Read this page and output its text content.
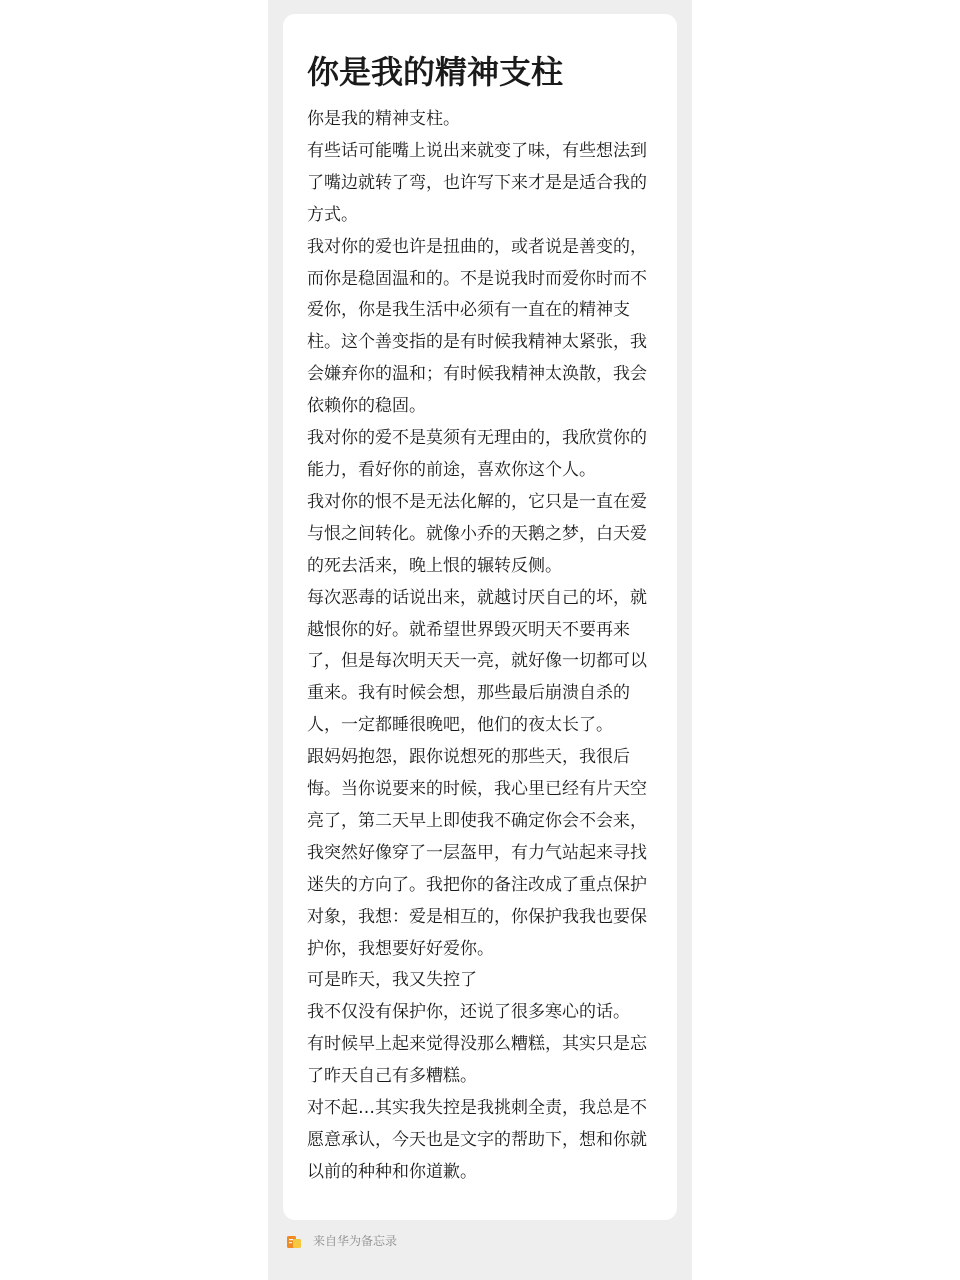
你是我的精神支柱

你是我的精神支柱。

有些话可能嘴上说出来就变了味，有些想法到了嘴边就转了弯，也许写下来才是是适合我的方式。

我对你的爱也许是扭曲的，或者说是善变的，而你是稳固温和的。不是说我时而爱你时而不爱你，你是我生活中必须有一直在的精神支柱。这个善变指的是有时候我精神太紧张，我会嫌弃你的温和；有时候我精神太涣散，我会依赖你的稳固。

我对你的爱不是莫须有无理由的，我欣赏你的能力，看好你的前途，喜欢你这个人。

我对你的恨不是无法化解的，它只是一直在爱与恨之间转化。就像小乔的天鹅之梦，白天爱的死去活来，晚上恨的辗转反侧。

每次恶毒的话说出来，就越讨厌自己的坏，就越恨你的好。就希望世界毁灭明天不要再来了，但是每次明天天一亮，就好像一切都可以重来。我有时候会想，那些最后崩溃自杀的人，一定都睡很晚吧，他们的夜太长了。

跟妈妈抱怨，跟你说想死的那些天，我很后悔。当你说要来的时候，我心里已经有片天空亮了，第二天早上即使我不确定你会不会来，我突然好像穿了一层盔甲，有力气站起来寻找迷失的方向了。我把你的备注改成了重点保护对象，我想：爱是相互的，你保护我我也要保护你，我想要好好爱你。

可是昨天，我又失控了

我不仅没有保护你，还说了很多寒心的话。

有时候早上起来觉得没那么糟糕，其实只是忘了昨天自己有多糟糕。

对不起…其实我失控是我挑刺全责，我总是不愿意承认，今天也是文字的帮助下，想和你就以前的种种和你道歉。

来自华为备忘录
